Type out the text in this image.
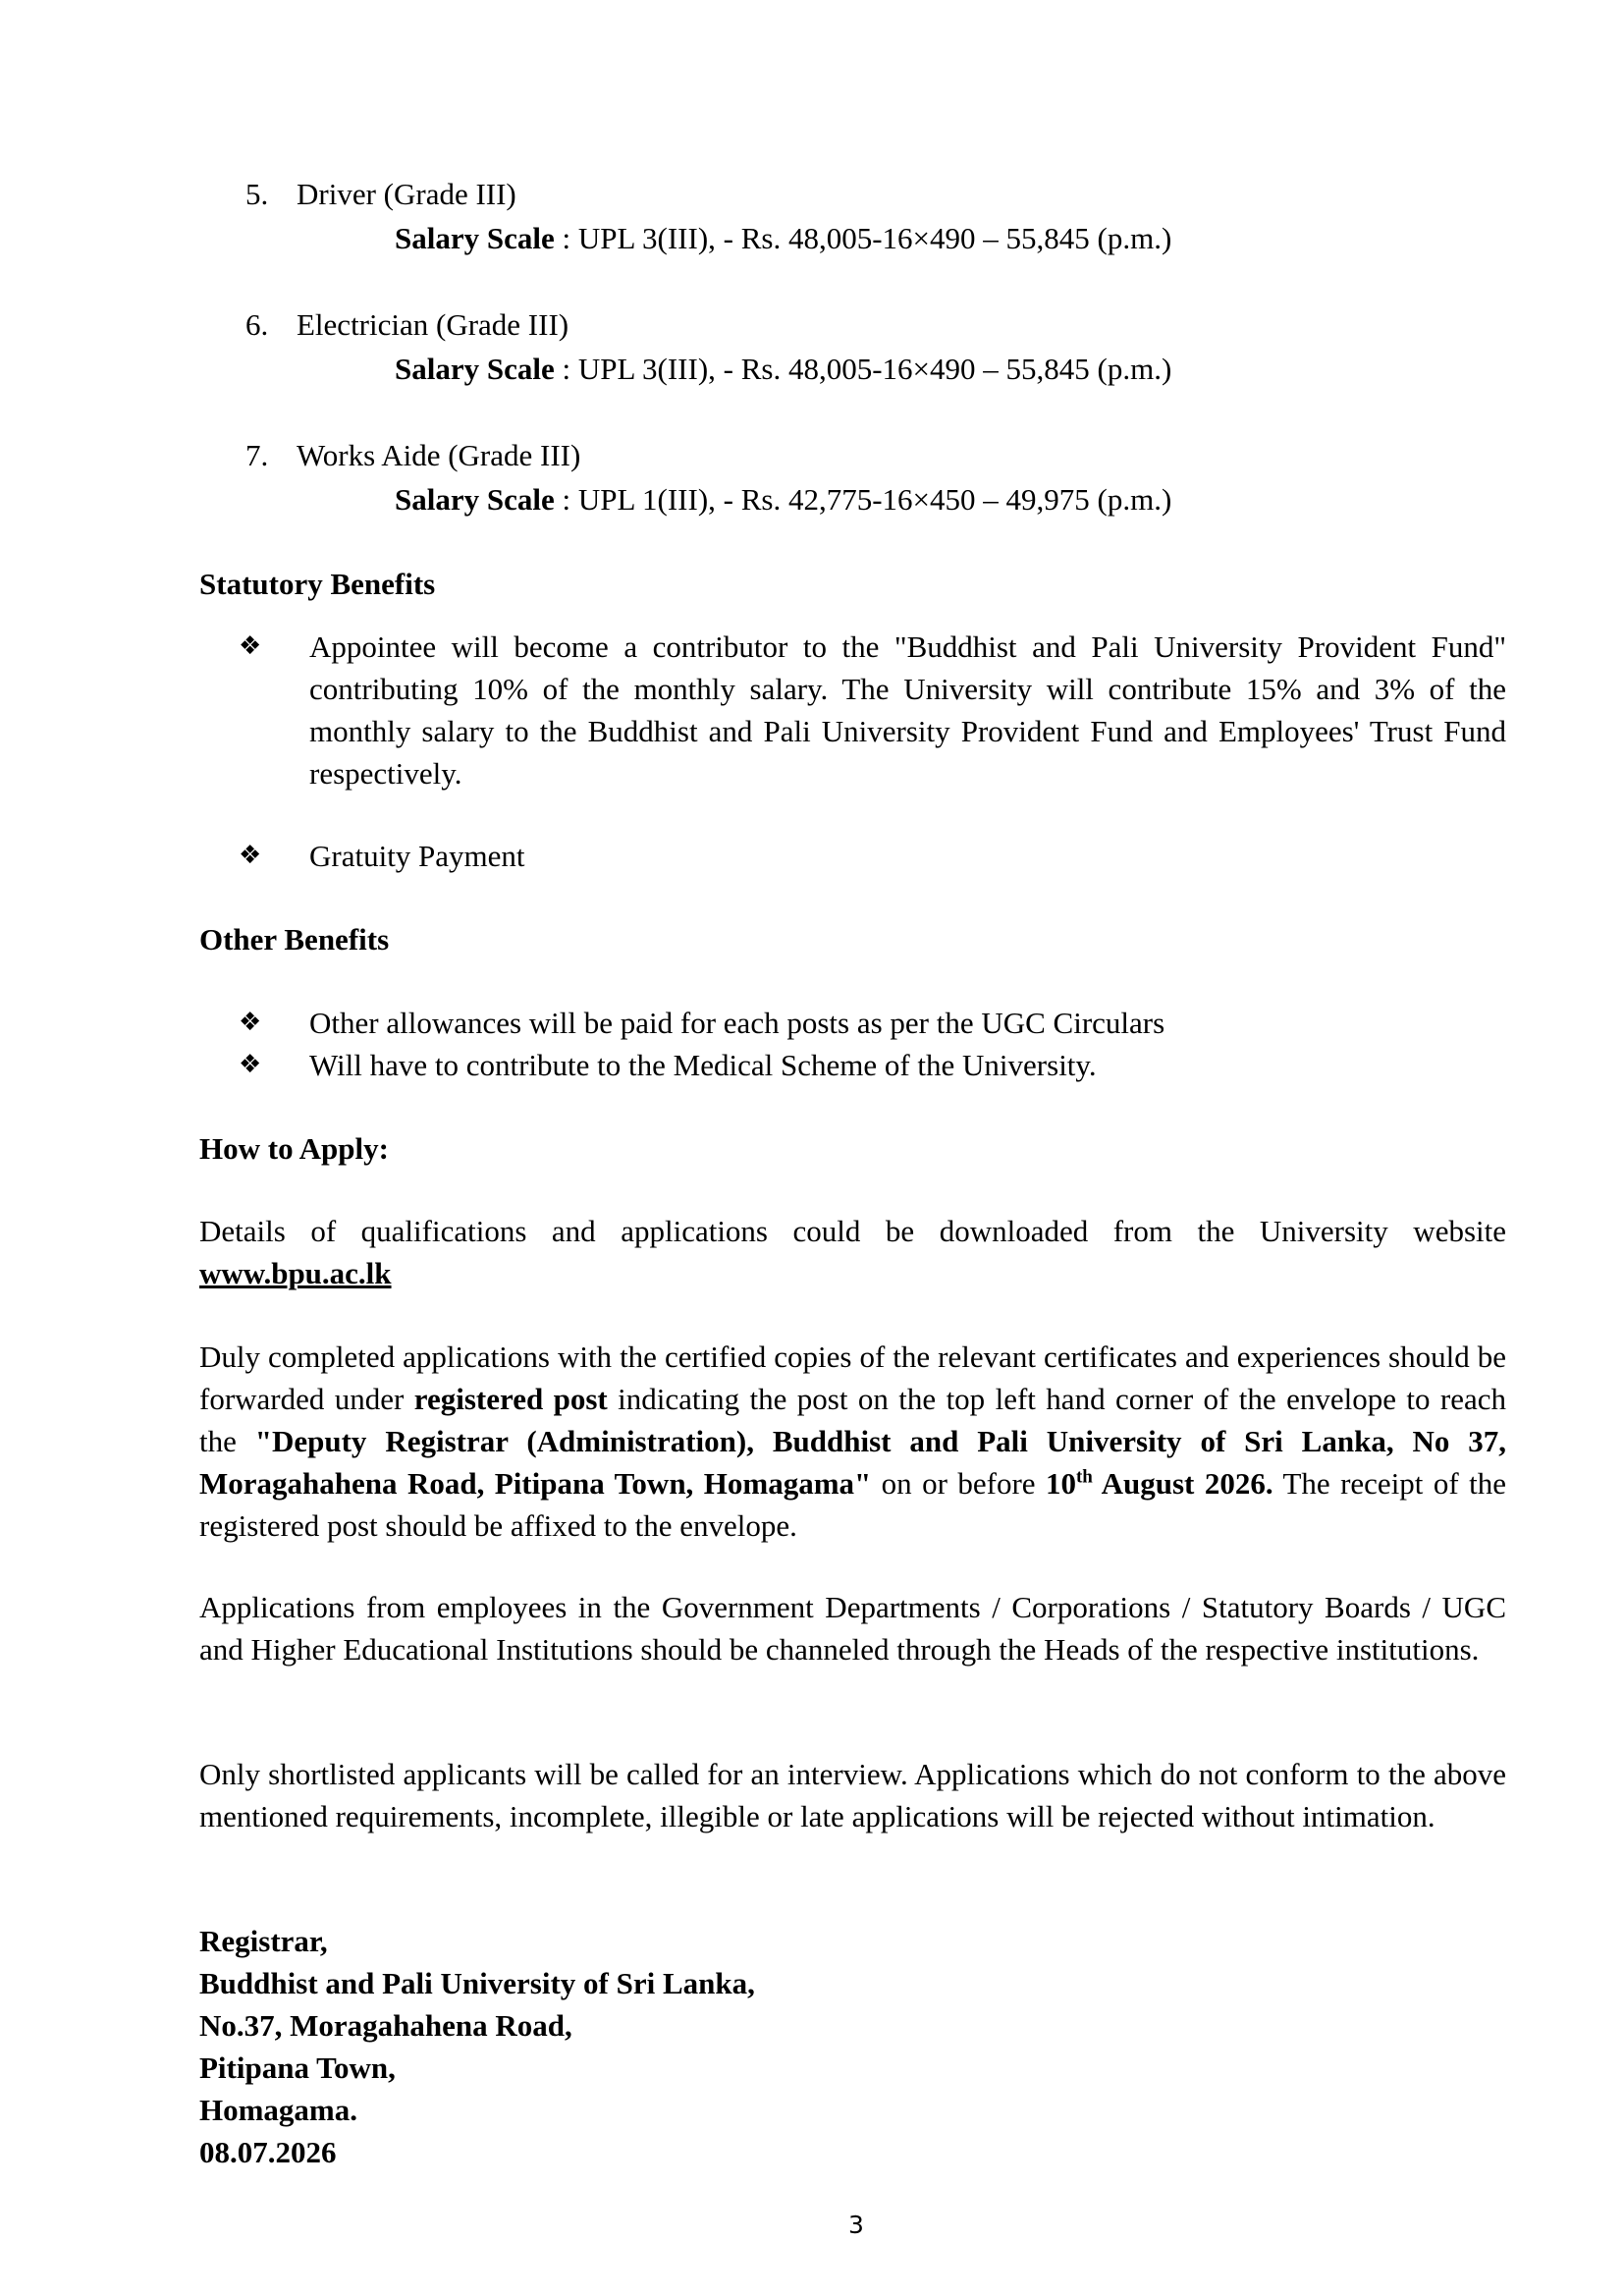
5. Driver (Grade III)
Salary Scale : UPL 3(III), - Rs. 48,005-16×490 – 55,845 (p.m.)
6. Electrician (Grade III)
Salary Scale : UPL 3(III), - Rs. 48,005-16×490 – 55,845 (p.m.)
7. Works Aide (Grade III)
Salary Scale : UPL 1(III), - Rs. 42,775-16×450 – 49,975 (p.m.)
Statutory Benefits
❖	Appointee will become a contributor to the "Buddhist and Pali University Provident Fund" contributing 10% of the monthly salary. The University will contribute 15% and 3% of the monthly salary to the Buddhist and Pali University Provident Fund and Employees' Trust Fund respectively.
❖	Gratuity Payment
Other Benefits
❖	Other allowances will be paid for each posts as per the UGC Circulars
❖	Will have to contribute to the Medical Scheme of the University.
How to Apply:
Details of qualifications and applications could be downloaded from the University website www.bpu.ac.lk
Duly completed applications with the certified copies of the relevant certificates and experiences should be forwarded under registered post indicating the post on the top left hand corner of the envelope to reach the "Deputy Registrar (Administration), Buddhist and Pali University of Sri Lanka, No 37, Moragahahena Road, Pitipana Town, Homagama" on or before 10th August 2026. The receipt of the registered post should be affixed to the envelope.
Applications from employees in the Government Departments / Corporations / Statutory Boards / UGC and Higher Educational Institutions should be channeled through the Heads of the respective institutions.
Only shortlisted applicants will be called for an interview. Applications which do not conform to the above mentioned requirements, incomplete, illegible or late applications will be rejected without intimation.
Registrar,
Buddhist and Pali University of Sri Lanka,
No.37, Moragahahena Road,
Pitipana Town,
Homagama.
08.07.2026
3
